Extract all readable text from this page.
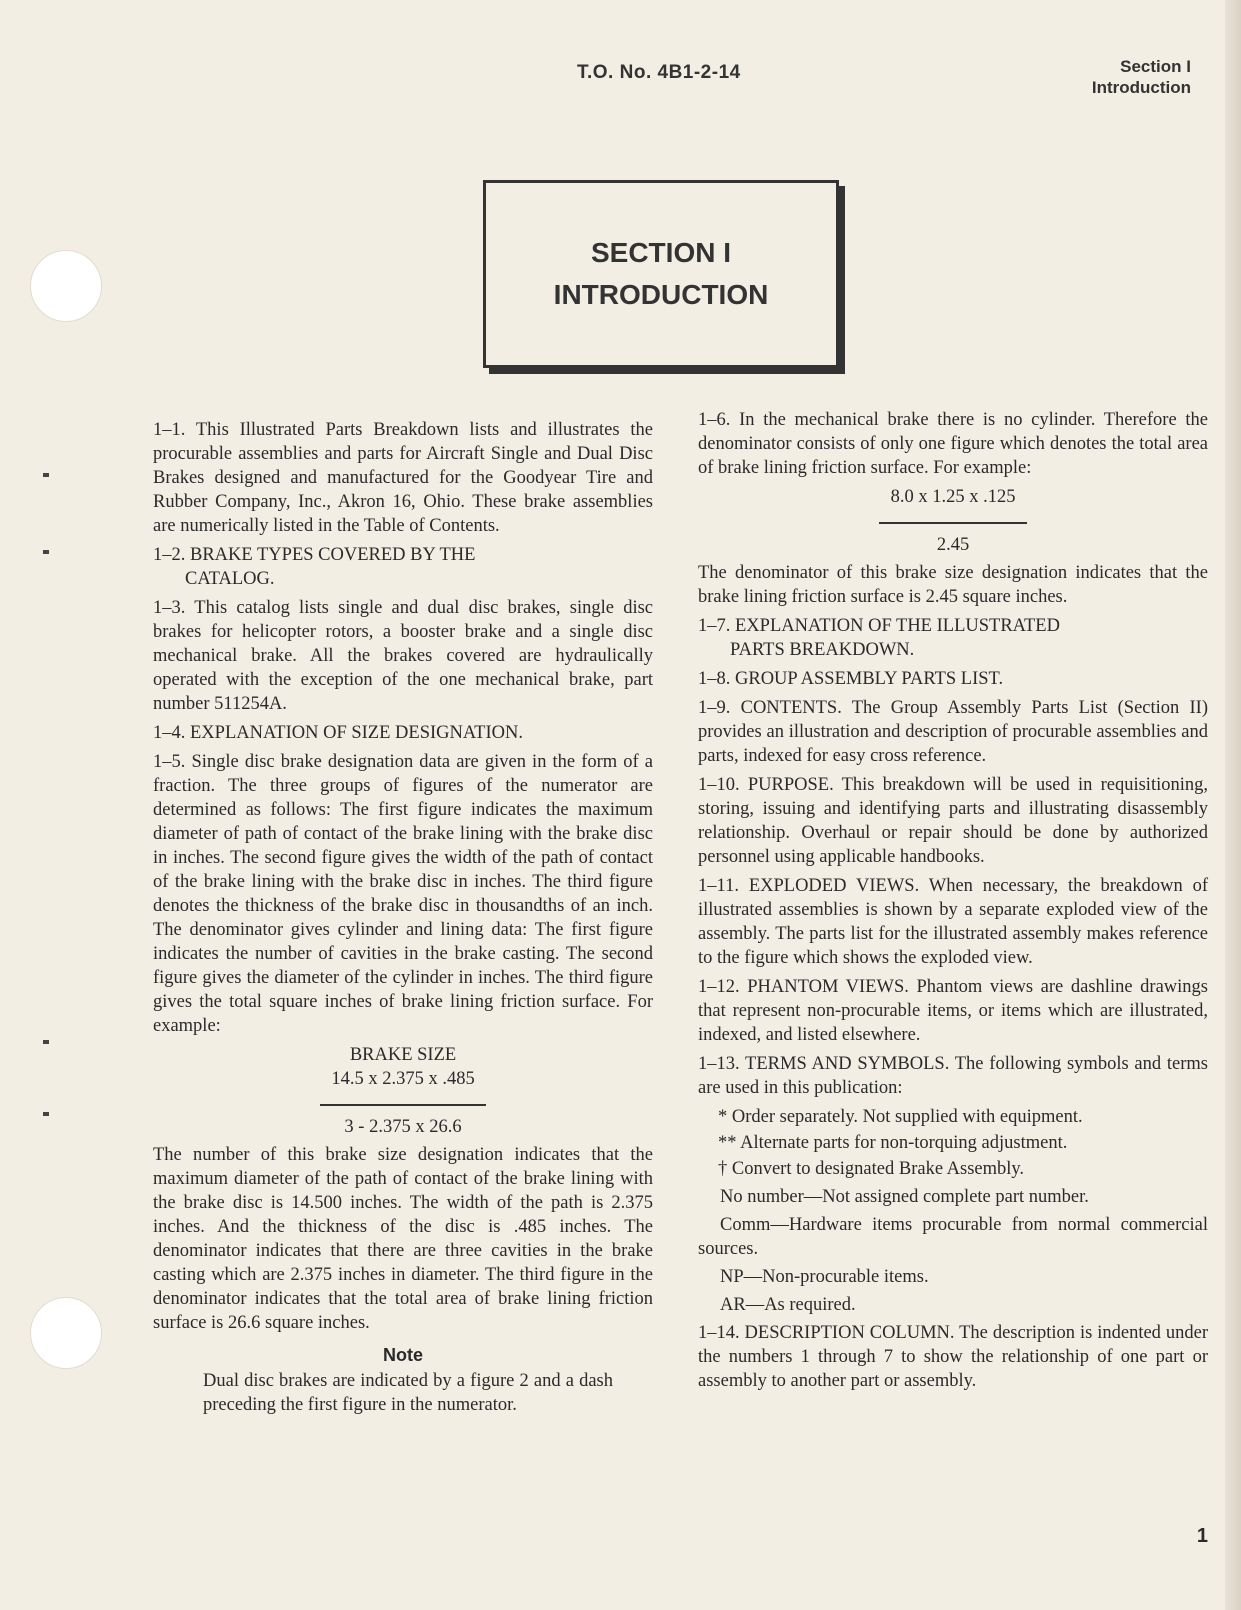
T.O. No. 4B1-2-14	Section I
Introduction
SECTION I
INTRODUCTION

1–1. This Illustrated Parts Breakdown lists and illustrates the procurable assemblies and parts for Aircraft Single and Dual Disc Brakes designed and manufactured for the Goodyear Tire and Rubber Company, Inc., Akron 16, Ohio. These brake assemblies are numerically listed in the Table of Contents.

1–2. BRAKE TYPES COVERED BY THE
CATALOG.

1–3. This catalog lists single and dual disc brakes, single disc brakes for helicopter rotors, a booster brake and a single disc mechanical brake. All the brakes covered are hydraulically operated with the exception of the one mechanical brake, part number 511254A.

1–4. EXPLANATION OF SIZE DESIGNATION.

1–5. Single disc brake designation data are given in the form of a fraction. The three groups of figures of the numerator are determined as follows: The first figure indicates the maximum diameter of path of contact of the brake lining with the brake disc in inches. The second figure gives the width of the path of contact of the brake lining with the brake disc in inches. The third figure denotes the thickness of the brake disc in thousandths of an inch. The denominator gives cylinder and lining data: The first figure indicates the number of cavities in the brake casting. The second figure gives the diameter of the cylinder in inches. The third figure gives the total square inches of brake lining friction surface. For example:

BRAKE SIZE
14.5 x 2.375 x .485
3 - 2.375 x 26.6

The number of this brake size designation indicates that the maximum diameter of the path of contact of the brake lining with the brake disc is 14.500 inches. The width of the path is 2.375 inches. And the thickness of the disc is .485 inches. The denominator indicates that there are three cavities in the brake casting which are 2.375 inches in diameter. The third figure in the denominator indicates that the total area of brake lining friction surface is 26.6 square inches.

Note
Dual disc brakes are indicated by a figure 2 and a dash preceding the first figure in the numerator.

1–6. In the mechanical brake there is no cylinder. Therefore the denominator consists of only one figure which denotes the total area of brake lining friction surface. For example:

8.0 x 1.25 x .125
2.45

The denominator of this brake size designation indicates that the brake lining friction surface is 2.45 square inches.

1–7. EXPLANATION OF THE ILLUSTRATED
PARTS BREAKDOWN.
1–8. GROUP ASSEMBLY PARTS LIST.

1–9. CONTENTS. The Group Assembly Parts List (Section II) provides an illustration and description of procurable assemblies and parts, indexed for easy cross reference.

1–10. PURPOSE. This breakdown will be used in requisitioning, storing, issuing and identifying parts and illustrating disassembly relationship. Overhaul or repair should be done by authorized personnel using applicable handbooks.

1–11. EXPLODED VIEWS. When necessary, the breakdown of illustrated assemblies is shown by a separate exploded view of the assembly. The parts list for the illustrated assembly makes reference to the figure which shows the exploded view.

1–12. PHANTOM VIEWS. Phantom views are dashline drawings that represent non-procurable items, or items which are illustrated, indexed, and listed elsewhere.

1–13. TERMS AND SYMBOLS. The following symbols and terms are used in this publication:

* Order separately. Not supplied with equipment.
** Alternate parts for non-torquing adjustment.
† Convert to designated Brake Assembly.
No number—Not assigned complete part number.
Comm—Hardware items procurable from normal commercial sources.
NP—Non-procurable items.
AR—As required.

1–14. DESCRIPTION COLUMN. The description is indented under the numbers 1 through 7 to show the relationship of one part or assembly to another part or assembly.

1
